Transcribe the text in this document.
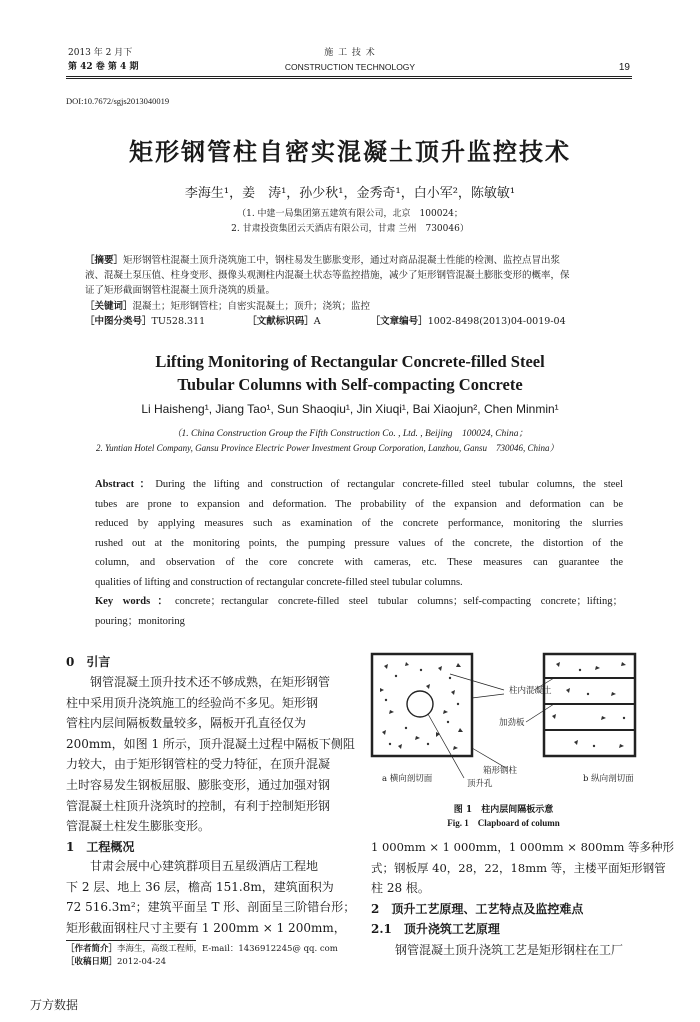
2013 年 2 月下
第 42 卷 第 4 期
施 工 技 术
CONSTRUCTION TECHNOLOGY	19
DOI:10.7672/sgjs2013040019
矩形钢管柱自密实混凝土顶升监控技术
李海生¹，姜　涛¹，孙少秋¹，金秀奇¹，白小军²，陈敏敏¹
（1. 中建一局集团第五建筑有限公司，北京　100024；
2. 甘肃投资集团云天酒店有限公司，甘肃 兰州　730046）
［摘要］矩形钢管柱混凝土顶升浇筑施工中，钢柱易发生膨胀变形，通过对商品混凝土性能的检测、监控点冒出浆
液、混凝土泵压值、柱身变形、摄像头观测柱内混凝土状态等监控措施，减少了矩形钢管混凝土膨胀变形的概率，保
证了矩形截面钢管柱混凝土顶升浇筑的质量。
［关键词］混凝土；矩形钢管柱；自密实混凝土；顶升；浇筑；监控
［中图分类号］TU528.311	［文献标识码］A	［文章编号］1002-8498(2013)04-0019-04
Lifting Monitoring of Rectangular Concrete-filled Steel
Tubular Columns with Self-compacting Concrete
Li Haisheng¹, Jiang Tao¹, Sun Shaoqiu¹, Jin Xiuqi¹, Bai Xiaojun², Chen Minmin¹
（1. China Construction Group the Fifth Construction Co. , Ltd. , Beijing　100024, China；
2. Yuntian Hotel Company, Gansu Province Electric Power Investment Group Corporation, Lanzhou, Gansu　730046, China）
Abstract：During the lifting and construction of rectangular concrete-filled steel tubular columns, the steel
tubes are prone to expansion and deformation. The probability of the expansion and deformation can be
reduced by applying measures such as examination of the concrete performance, monitoring the slurries
rushed out at the monitoring points, the pumping pressure values of the concrete, the distortion of the
column, and observation of the core concrete with cameras, etc. These measures can guarantee the
qualities of lifting and construction of rectangular concrete-filled steel tubular columns.
Key words：concrete；rectangular concrete-filled steel tubular columns；self-compacting concrete；lifting；
pouring；monitoring
0　引言
钢管混凝土顶升技术还不够成熟，在矩形钢管
柱中采用顶升浇筑施工的经验尚不多见。矩形钢
管柱内层间隔板数量较多，隔板开孔直径仅为
200mm，如图 1 所示，顶升混凝土过程中隔板下侧阻
力较大，由于矩形钢管柱的受力特征，在顶升混凝
土时容易发生钢板屈服、膨胀变形，通过加强对钢
管混凝土柱顶升浇筑时的控制，有利于控制矩形钢
管混凝土柱发生膨胀变形。
1　工程概况
甘肃会展中心建筑群项目五星级酒店工程地
下 2 层、地上 36 层，檐高 151.8m，建筑面积为
72 516.3m²；建筑平面呈 T 形、剖面呈三阶错台形；
矩形截面钢柱尺寸主要有 1 200mm × 1 200mm，
［作者简介］李海生，高级工程师，E-mail：1436912245@ qq. com
［收稿日期］2012-04-24
柱内混凝土
加劲板
箱形钢柱
顶升孔
a 横向剖切面	b 纵向剖切面
图 1　柱内层间隔板示意
Fig. 1　Clapboard of column
1 000mm × 1 000mm，1 000mm × 800mm 等多种形
式；钢板厚 40，28，22，18mm 等，主楼平面矩形钢管
柱 28 根。
2　顶升工艺原理、工艺特点及监控难点
2.1　顶升浇筑工艺原理
钢管混凝土顶升浇筑工艺是矩形钢柱在工厂
万方数据
